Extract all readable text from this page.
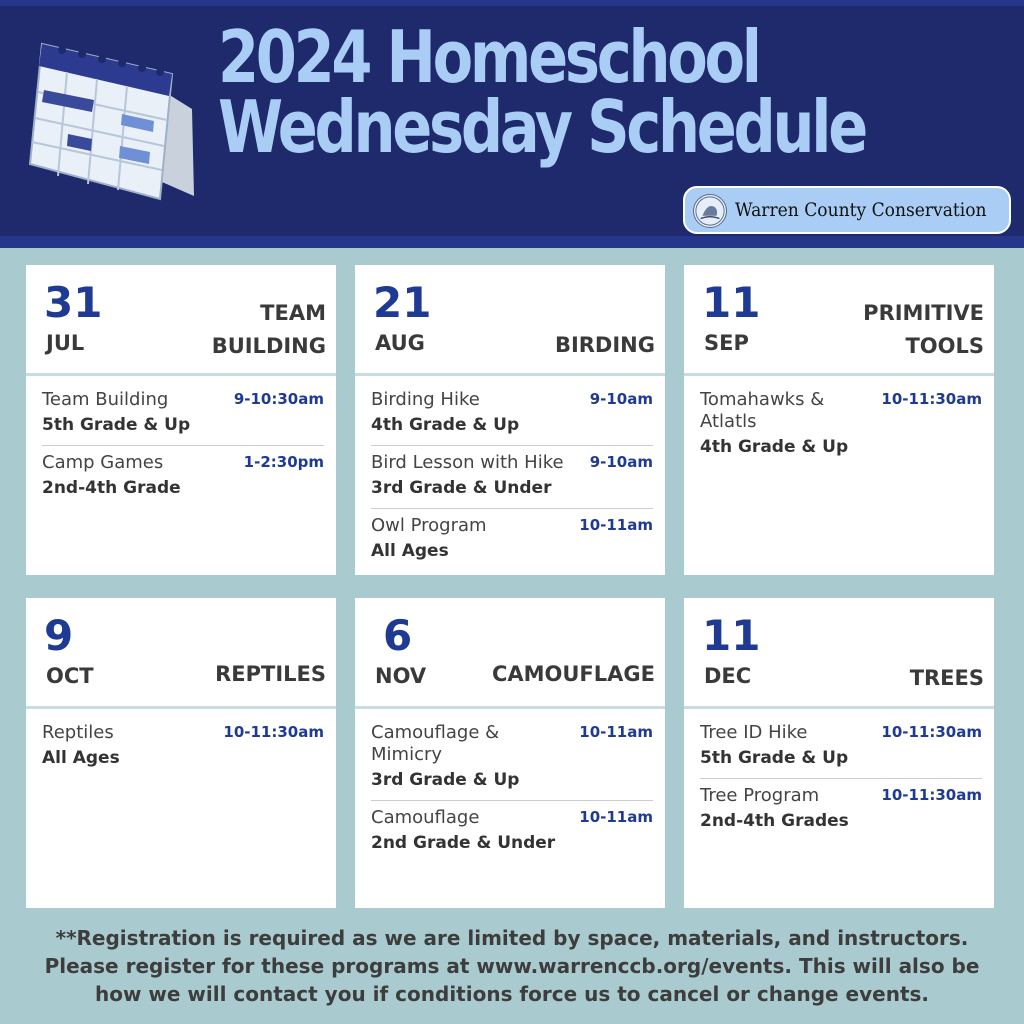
2024 Homeschool
Wednesday Schedule
Warren County Conservation
31
JUL
TEAM
BUILDING
Team Building
5th Grade & Up
9-10:30am
Camp Games
2nd-4th Grade
1-2:30pm
21
AUG	BIRDING
Birding Hike
4th Grade & Up
9-10am
Bird Lesson with Hike
3rd Grade & Under
9-10am
Owl Program
All Ages
10-11am
11
SEP
PRIMITIVE
TOOLS
Tomahawks & Atlatls
4th Grade & Up
10-11:30am
9
OCT	REPTILES
Reptiles
All Ages
10-11:30am
6
NOV	CAMOUFLAGE
Camouflage & Mimicry
3rd Grade & Up
10-11am
Camouflage
2nd Grade & Under
10-11am
11
DEC	TREES
Tree ID Hike
5th Grade & Up
10-11:30am
Tree Program
2nd-4th Grades
10-11:30am
**Registration is required as we are limited by space, materials, and instructors.
Please register for these programs at www.warrenccb.org/events. This will also be
how we will contact you if conditions force us to cancel or change events.
